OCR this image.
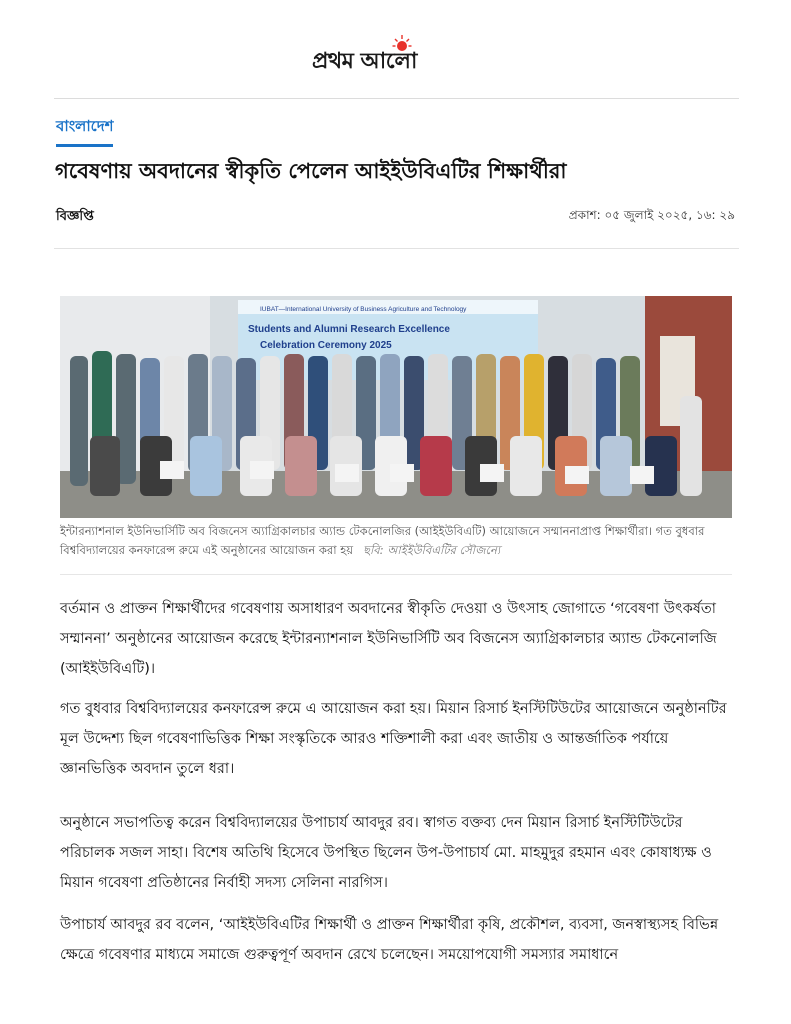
প্রথম আলো
বাংলাদেশ
গবেষণায় অবদানের স্বীকৃতি পেলেন আইইউবিএটির শিক্ষার্থীরা
বিজ্ঞপ্তি	প্রকাশ: ০৫ জুলাই ২০২৫, ১৬: ২৯
IUBAT—International University of Business Agriculture and Technology
Students and Alumni Research Excellence
Celebration Ceremony 2025
ইন্টারন্যাশনাল ইউনিভার্সিটি অব বিজনেস অ্যাগ্রিকালচার অ্যান্ড টেকনোলজির (আইইউবিএটি) আয়োজনে সম্মাননাপ্রাপ্ত শিক্ষার্থীরা। গত বুধবার বিশ্ববিদ্যালয়ের কনফারেন্স রুমে এই অনুষ্ঠানের আয়োজন করা হয় ছবি: আইইউবিএটির সৌজন্যে

বর্তমান ও প্রাক্তন শিক্ষার্থীদের গবেষণায় অসাধারণ অবদানের স্বীকৃতি দেওয়া ও উৎসাহ জোগাতে ‘গবেষণা উৎকর্ষতা সম্মাননা’ অনুষ্ঠানের আয়োজন করেছে ইন্টারন্যাশনাল ইউনিভার্সিটি অব বিজনেস অ্যাগ্রিকালচার অ্যান্ড টেকনোলজি (আইইউবিএটি)।

গত বুধবার বিশ্ববিদ্যালয়ের কনফারেন্স রুমে এ আয়োজন করা হয়। মিয়ান রিসার্চ ইনস্টিটিউটের আয়োজনে অনুষ্ঠানটির মূল উদ্দেশ্য ছিল গবেষণাভিত্তিক শিক্ষা সংস্কৃতিকে আরও শক্তিশালী করা এবং জাতীয় ও আন্তর্জাতিক পর্যায়ে জ্ঞানভিত্তিক অবদান তুলে ধরা।

অনুষ্ঠানে সভাপতিত্ব করেন বিশ্ববিদ্যালয়ের উপাচার্য আবদুর রব। স্বাগত বক্তব্য দেন মিয়ান রিসার্চ ইনস্টিটিউটের পরিচালক সজল সাহা। বিশেষ অতিথি হিসেবে উপস্থিত ছিলেন উপ-উপাচার্য মো. মাহমুদুর রহমান এবং কোষাধ্যক্ষ ও মিয়ান গবেষণা প্রতিষ্ঠানের নির্বাহী সদস্য সেলিনা নারগিস।

উপাচার্য আবদুর রব বলেন, ‘আইইউবিএটির শিক্ষার্থী ও প্রাক্তন শিক্ষার্থীরা কৃষি, প্রকৌশল, ব্যবসা, জনস্বাস্থ্যসহ বিভিন্ন ক্ষেত্রে গবেষণার মাধ্যমে সমাজে গুরুত্বপূর্ণ অবদান রেখে চলেছেন। সময়োপযোগী সমস্যার সমাধানে
